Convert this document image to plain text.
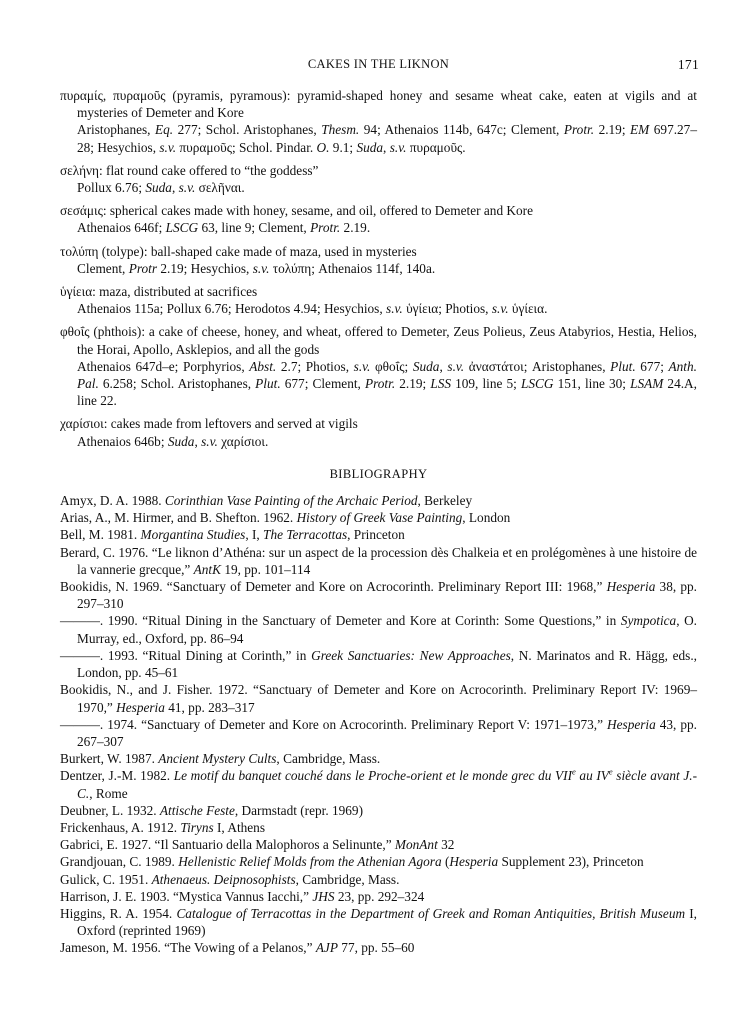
CAKES IN THE LIKNON	171
πυραμίς, πυραμοῦς (pyramis, pyramous): pyramid-shaped honey and sesame wheat cake, eaten at vigils and at mysteries of Demeter and Kore
Aristophanes, Eq. 277; Schol. Aristophanes, Thesm. 94; Athenaios 114b, 647c; Clement, Protr. 2.19; EM 697.27–28; Hesychios, s.v. πυραμοῦς; Schol. Pindar. O. 9.1; Suda, s.v. πυραμοῦς.
σελήνη: flat round cake offered to “the goddess”
Pollux 6.76; Suda, s.v. σελῆναι.
σεσάμις: spherical cakes made with honey, sesame, and oil, offered to Demeter and Kore
Athenaios 646f; LSCG 63, line 9; Clement, Protr. 2.19.
τολύπη (tolype): ball-shaped cake made of maza, used in mysteries
Clement, Protr 2.19; Hesychios, s.v. τολύπη; Athenaios 114f, 140a.
ὑγίεια: maza, distributed at sacrifices
Athenaios 115a; Pollux 6.76; Herodotos 4.94; Hesychios, s.v. ὑγίεια; Photios, s.v. ὑγίεια.
φθοΐς (phthois): a cake of cheese, honey, and wheat, offered to Demeter, Zeus Polieus, Zeus Atabyrios, Hestia, Helios, the Horai, Apollo, Asklepios, and all the gods
Athenaios 647d–e; Porphyrios, Abst. 2.7; Photios, s.v. φθοΐς; Suda, s.v. ἀναστάτοι; Aristophanes, Plut. 677; Anth. Pal. 6.258; Schol. Aristophanes, Plut. 677; Clement, Protr. 2.19; LSS 109, line 5; LSCG 151, line 30; LSAM 24.A, line 22.
χαρίσιοι: cakes made from leftovers and served at vigils
Athenaios 646b; Suda, s.v. χαρίσιοι.
BIBLIOGRAPHY
Amyx, D. A. 1988. Corinthian Vase Painting of the Archaic Period, Berkeley
Arias, A., M. Hirmer, and B. Shefton. 1962. History of Greek Vase Painting, London
Bell, M. 1981. Morgantina Studies, I, The Terracottas, Princeton
Berard, C. 1976. “Le liknon d’Athéna: sur un aspect de la procession dès Chalkeia et en prolégomènes à une histoire de la vannerie grecque,” AntK 19, pp. 101–114
Bookidis, N. 1969. “Sanctuary of Demeter and Kore on Acrocorinth. Preliminary Report III: 1968,” Hesperia 38, pp. 297–310
———. 1990. “Ritual Dining in the Sanctuary of Demeter and Kore at Corinth: Some Questions,” in Sympotica, O. Murray, ed., Oxford, pp. 86–94
———. 1993. “Ritual Dining at Corinth,” in Greek Sanctuaries: New Approaches, N. Marinatos and R. Hägg, eds., London, pp. 45–61
Bookidis, N., and J. Fisher. 1972. “Sanctuary of Demeter and Kore on Acrocorinth. Preliminary Report IV: 1969–1970,” Hesperia 41, pp. 283–317
———. 1974. “Sanctuary of Demeter and Kore on Acrocorinth. Preliminary Report V: 1971–1973,” Hesperia 43, pp. 267–307
Burkert, W. 1987. Ancient Mystery Cults, Cambridge, Mass.
Dentzer, J.-M. 1982. Le motif du banquet couché dans le Proche-orient et le monde grec du VIIe au IVe siècle avant J.-C., Rome
Deubner, L. 1932. Attische Feste, Darmstadt (repr. 1969)
Frickenhaus, A. 1912. Tiryns I, Athens
Gabrici, E. 1927. “Il Santuario della Malophoros a Selinunte,” MonAnt 32
Grandjouan, C. 1989. Hellenistic Relief Molds from the Athenian Agora (Hesperia Supplement 23), Princeton
Gulick, C. 1951. Athenaeus. Deipnosophists, Cambridge, Mass.
Harrison, J. E. 1903. “Mystica Vannus Iacchi,” JHS 23, pp. 292–324
Higgins, R. A. 1954. Catalogue of Terracottas in the Department of Greek and Roman Antiquities, British Museum I, Oxford (reprinted 1969)
Jameson, M. 1956. “The Vowing of a Pelanos,” AJP 77, pp. 55–60
